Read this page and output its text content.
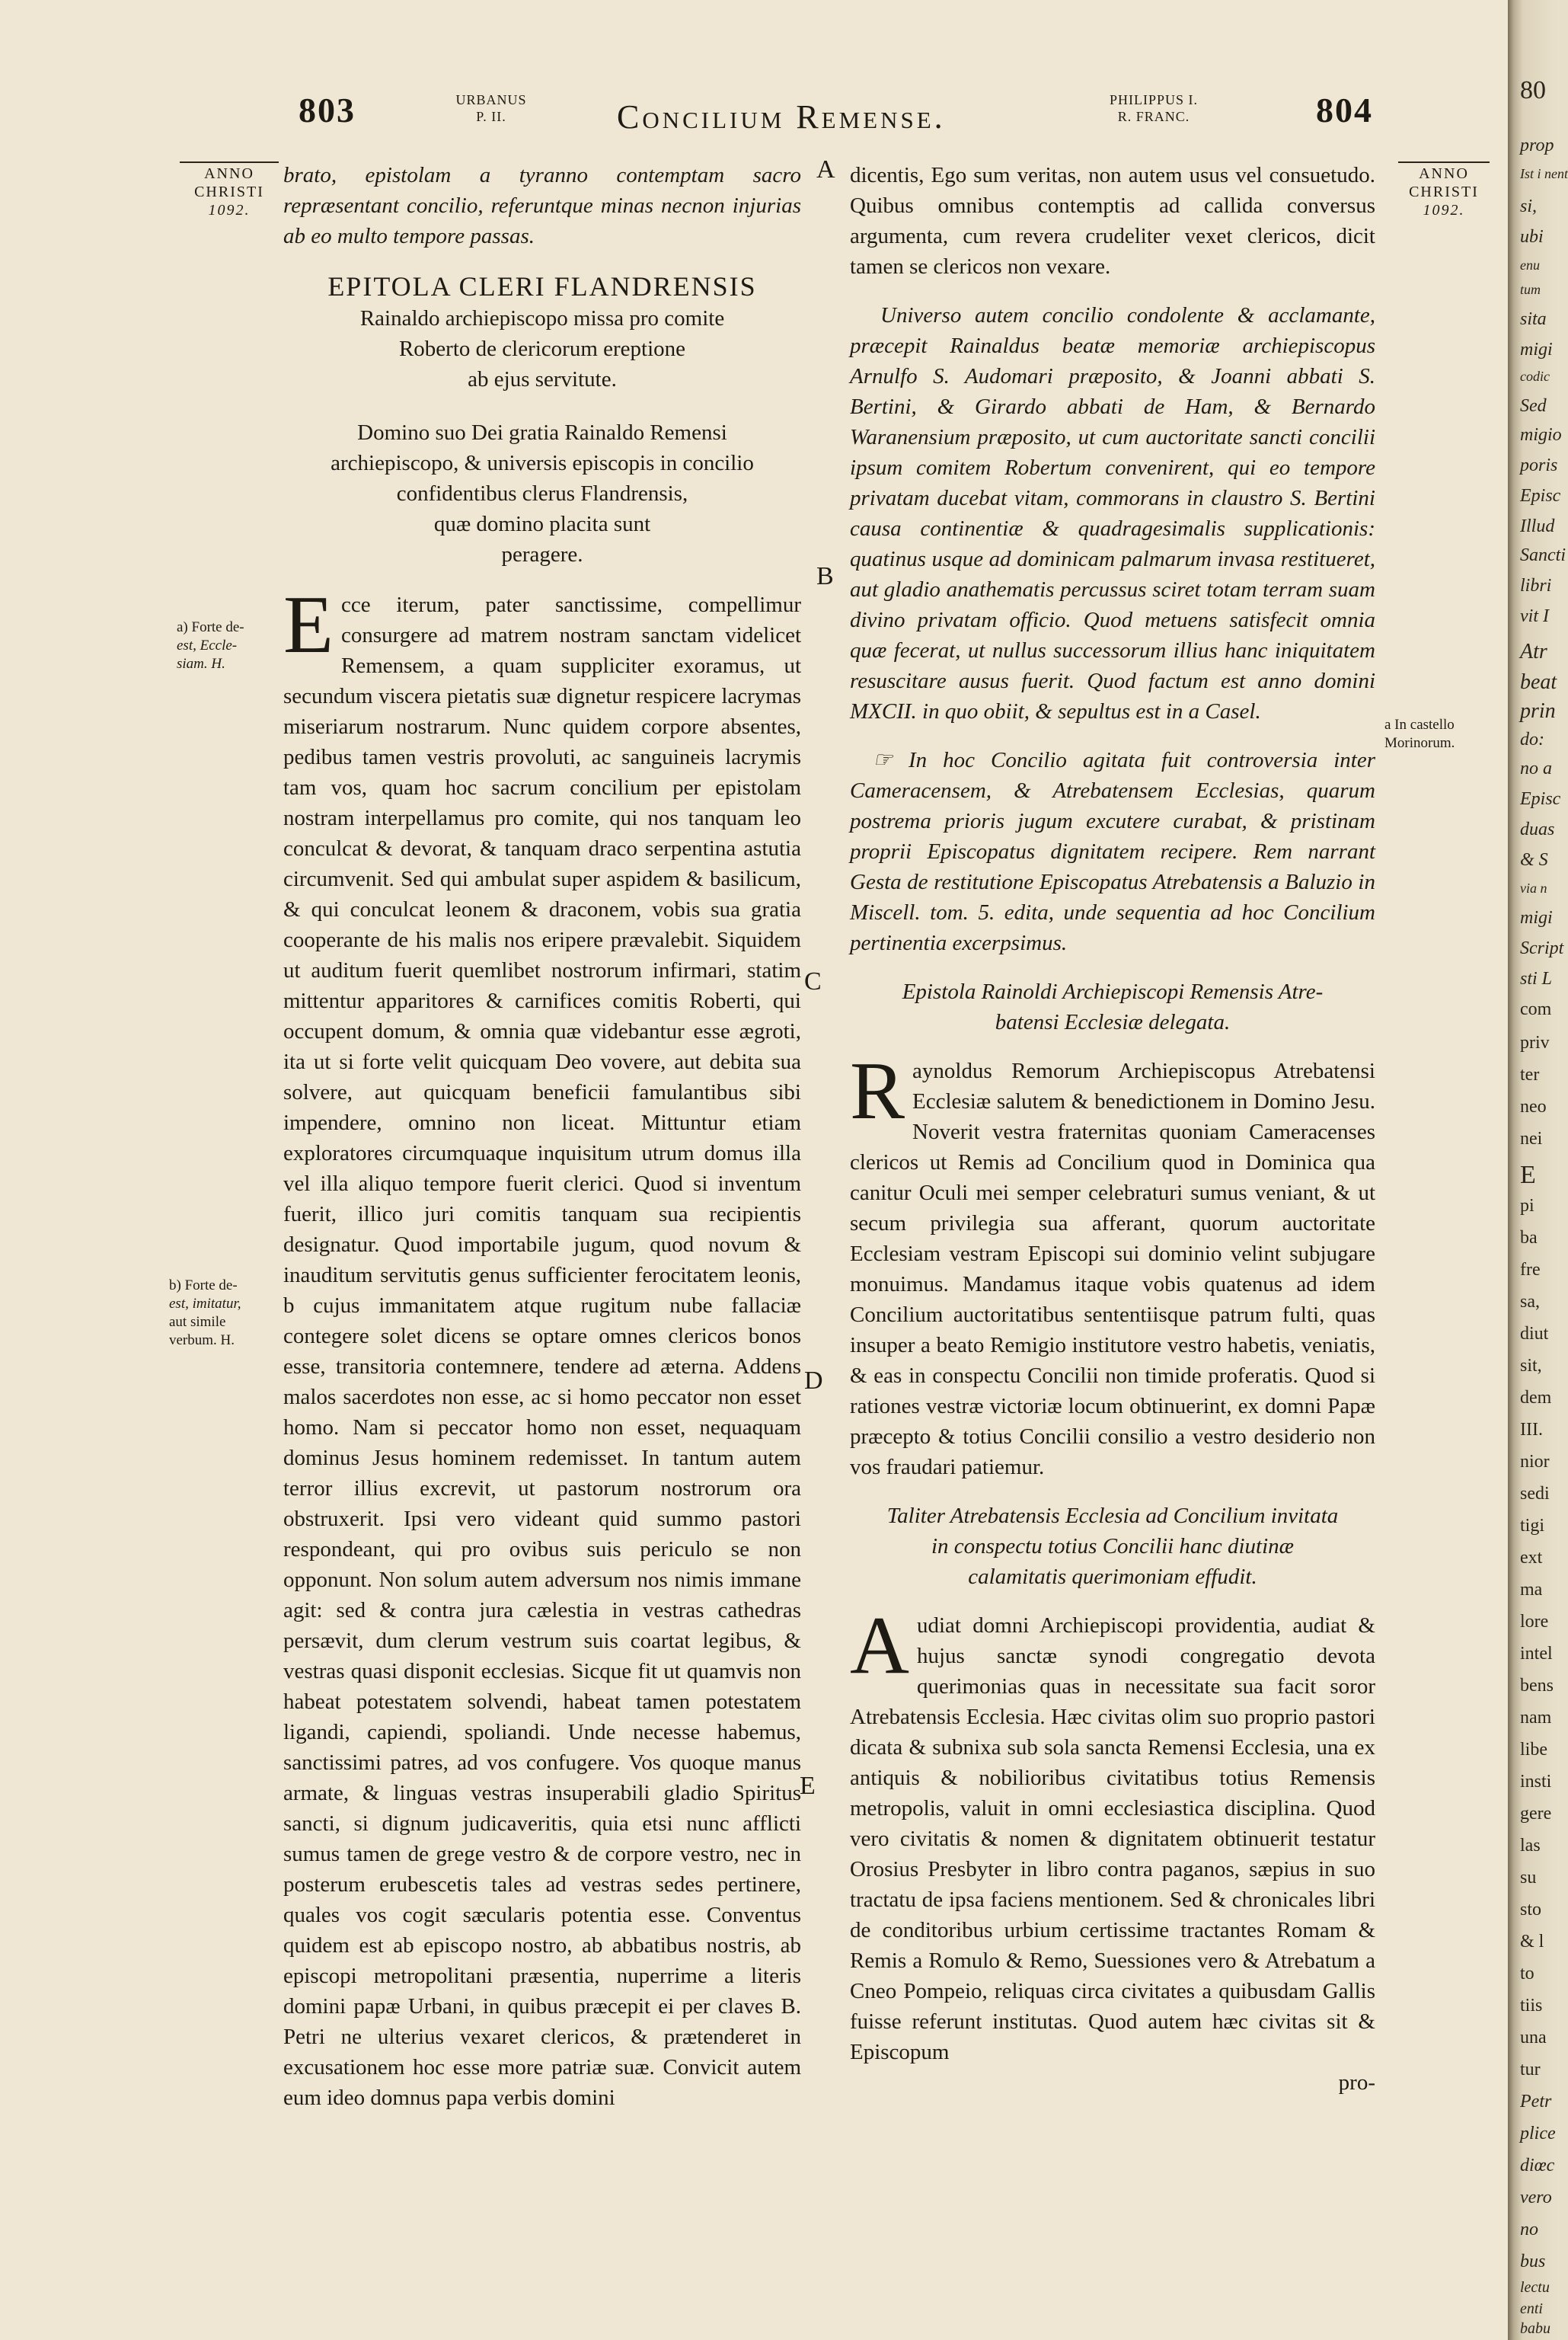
803	URBANUS
P. II.	Concilium Remense.	PHILIPPUS I.
R. FRANC.	804
ANNO
CHRISTI
1092.
ANNO
CHRISTI
1092.
a) Forte de-
est, Eccle-
siam. H.
b) Forte de-
est, imitatur,
aut simile
verbum. H.
a In castello
Morinorum.
A
B
C
D
E
brato, epistolam a tyranno contemptam sacro repræsentant concilio, referuntque minas necnon injurias ab eo multo tempore passas.
EPITOLA CLERI FLANDRENSIS
Rainaldo archiepiscopo missa pro comite Roberto de clericorum ereptione
ab ejus servitute.
Domino suo Dei gratia Rainaldo Remensi archiepiscopo, & universis episcopis in concilio confidentibus clerus Flandrensis,
quæ domino placita sunt
peragere.
Ecce iterum, pater sanctissime, compellimur consurgere ad matrem nostram sanctam videlicet Remensem, a quam suppliciter exoramus, ut secundum viscera pietatis suæ dignetur respicere lacrymas miseriarum nostrarum. Nunc quidem corpore absentes, pedibus tamen vestris provoluti, ac sanguineis lacrymis tam vos, quam hoc sacrum concilium per epistolam nostram interpellamus pro comite, qui nos tanquam leo conculcat & devorat, & tanquam draco serpentina astutia circumvenit. Sed qui ambulat super aspidem & basilicum, & qui conculcat leonem & draconem, vobis sua gratia cooperante de his malis nos eripere prævalebit. Siquidem ut auditum fuerit quemlibet nostrorum infirmari, statim mittentur apparitores & carnifices comitis Roberti, qui occupent domum, & omnia quæ videbantur esse ægroti, ita ut si forte velit quicquam Deo vovere, aut debita sua solvere, aut quicquam beneficii famulantibus sibi impendere, omnino non liceat. Mittuntur etiam exploratores circumquaque inquisitum utrum domus illa vel illa aliquo tempore fuerit clerici. Quod si inventum fuerit, illico juri comitis tanquam sua recipientis designatur. Quod importabile jugum, quod novum & inauditum servitutis genus sufficienter ferocitatem leonis, b cujus immanitatem atque rugitum nube fallaciæ contegere solet dicens se optare omnes clericos bonos esse, transitoria contemnere, tendere ad æterna. Addens malos sacerdotes non esse, ac si homo peccator non esset homo. Nam si peccator homo non esset, nequaquam dominus Jesus hominem redemisset. In tantum autem terror illius excrevit, ut pastorum nostrorum ora obstruxerit. Ipsi vero videant quid summo pastori respondeant, qui pro ovibus suis periculo se non opponunt. Non solum autem adversum nos nimis immane agit: sed & contra jura cælestia in vestras cathedras persævit, dum clerum vestrum suis coartat legibus, & vestras quasi disponit ecclesias. Sicque fit ut quamvis non habeat potestatem solvendi, habeat tamen potestatem ligandi, capiendi, spoliandi. Unde necesse habemus, sanctissimi patres, ad vos confugere. Vos quoque manus armate, & linguas vestras insuperabili gladio Spiritus sancti, si dignum judicaveritis, quia etsi nunc afflicti sumus tamen de grege vestro & de corpore vestro, nec in posterum erubescetis tales ad vestras sedes pertinere, quales vos cogit sæcularis potentia esse. Conventus quidem est ab episcopo nostro, ab abbatibus nostris, ab episcopi metropolitani præsentia, nuperrime a literis domini papæ Urbani, in quibus præcepit ei per claves B. Petri ne ulterius vexaret clericos, & prætenderet in excusationem hoc esse more patriæ suæ. Convicit autem eum ideo domnus papa verbis domini
dicentis, Ego sum veritas, non autem usus vel consuetudo. Quibus omnibus contemptis ad callida conversus argumenta, cum revera crudeliter vexet clericos, dicit tamen se clericos non vexare.
Universo autem concilio condolente & acclamante, præcepit Rainaldus beatæ memoriæ archiepiscopus Arnulfo S. Audomari præposito, & Joanni abbati S. Bertini, & Girardo abbati de Ham, & Bernardo Waranensium præposito, ut cum auctoritate sancti concilii ipsum comitem Robertum convenirent, qui eo tempore privatam ducebat vitam, commorans in claustro S. Bertini causa continentiæ & quadragesimalis supplicationis: quatinus usque ad dominicam palmarum invasa restitueret, aut gladio anathematis percussus sciret totam terram suam divino privatam officio. Quod metuens satisfecit omnia quæ fecerat, ut nullus successorum illius hanc iniquitatem resuscitare ausus fuerit. Quod factum est anno domini MXCII. in quo obiit, & sepultus est in a Casel.
☞ In hoc Concilio agitata fuit controversia inter Cameracensem, & Atrebatensem Ecclesias, quarum postrema prioris jugum excutere curabat, & pristinam proprii Episcopatus dignitatem recipere. Rem narrant Gesta de restitutione Episcopatus Atrebatensis a Baluzio in Miscell. tom. 5. edita, unde sequentia ad hoc Concilium pertinentia excerpsimus.
Epistola Rainoldi Archiepiscopi Remensis Atre-
batensi Ecclesiæ delegata.
Raynoldus Remorum Archiepiscopus Atrebatensi Ecclesiæ salutem & benedictionem in Domino Jesu. Noverit vestra fraternitas quoniam Cameracenses clericos ut Remis ad Concilium quod in Dominica qua canitur Oculi mei semper celebraturi sumus veniant, & ut secum privilegia sua afferant, quorum auctoritate Ecclesiam vestram Episcopi sui dominio velint subjugare monuimus. Mandamus itaque vobis quatenus ad idem Concilium auctoritatibus sententiisque patrum fulti, quas insuper a beato Remigio institutore vestro habetis, veniatis, & eas in conspectu Concilii non timide proferatis. Quod si rationes vestræ victoriæ locum obtinuerint, ex domni Papæ præcepto & totius Concilii consilio a vestro desiderio non vos fraudari patiemur.
Taliter Atrebatensis Ecclesia ad Concilium invitata
in conspectu totius Concilii hanc diutinæ
calamitatis querimoniam effudit.
Audiat domni Archiepiscopi providentia, audiat & hujus sanctæ synodi congregatio devota querimonias quas in necessitate sua facit soror Atrebatensis Ecclesia. Hæc civitas olim suo proprio pastori dicata & subnixa sub sola sancta Remensi Ecclesia, una ex antiquis & nobilioribus civitatibus totius Remensis metropolis, valuit in omni ecclesiastica disciplina. Quod vero civitatis & nomen & dignitatem obtinuerit testatur Orosius Presbyter in libro contra paganos, sæpius in suo tractatu de ipsa faciens mentionem. Sed & chronicales libri de conditoribus urbium certissime tractantes Romam & Remis a Romulo & Remo, Suessiones vero & Atrebatum a Cneo Pompeio, reliquas circa civitates a quibusdam Gallis fuisse referunt institutas. Quod autem hæc civitas sit & Episcopum
pro-
80
prop
Ist i nent
si,
ubi
enu
tum
sita
migi
codic
Sed
migio
poris
Episc
Illud
Sancti
libri
vit I
Atr
beat
prin
do:
no a
Episc
duas
& S
via n
migi
Script
sti L
com
priv
ter
neo
nei
E
pi
ba
fre
sa,
diut
sit,
dem
III.
nior
sedi
tigi
ext
ma
lore
intel
bens
nam
libe
insti
gere
las
su
sto
& l
to
tiis
una
tur
Petr
plice
diœc
vero
no
bus
lectu
enti
babu
